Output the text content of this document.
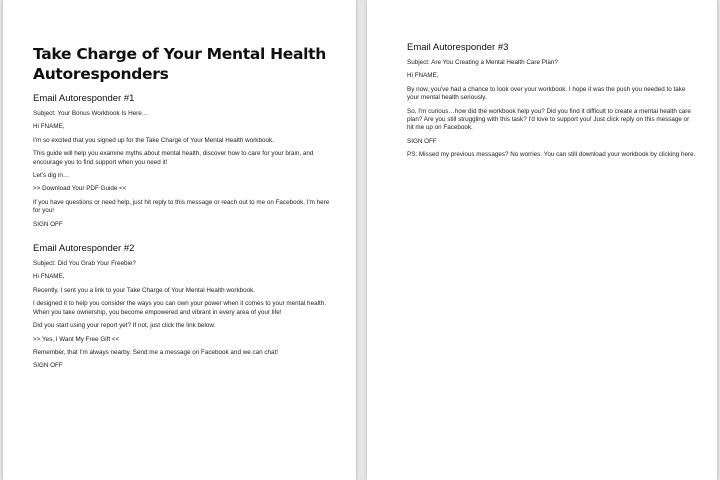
Take Charge of Your Mental Health Autoresponders
Email Autoresponder #1

Subject: Your Bonus Workbook Is Here…

Hi FNAME,

I'm so excited that you signed up for the Take Charge of Your Mental Health workbook.

This guide will help you examine myths about mental health, discover how to care for your brain, and encourage you to find support when you need it!

Let's dig in…

>> Download Your PDF Guide <<

If you have questions or need help, just hit reply to this message or reach out to me on Facebook. I'm here for you!

SIGN OFF

Email Autoresponder #2

Subject: Did You Grab Your Freebie?

Hi FNAME,

Recently, I sent you a link to your Take Charge of Your Mental Health workbook.

I designed it to help you consider the ways you can own your power when it comes to your mental health. When you take ownership, you become empowered and vibrant in every area of your life!

Did you start using your report yet? If not, just click the link below:

>> Yes, I Want My Free Gift <<

Remember, that I'm always nearby. Send me a message on Facebook and we can chat!

SIGN OFF

Email Autoresponder #3

Subject: Are You Creating a Mental Health Care Plan?

Hi FNAME,

By now, you've had a chance to look over your workbook. I hope it was the push you needed to take your mental health seriously.

So, I'm curious…how did the workbook help you? Did you find it difficult to create a mental health care plan? Are you still struggling with this task? I'd love to support you! Just click reply on this message or hit me up on Facebook.

SIGN OFF

PS: Missed my previous messages? No worries. You can still download your workbook by clicking here.
